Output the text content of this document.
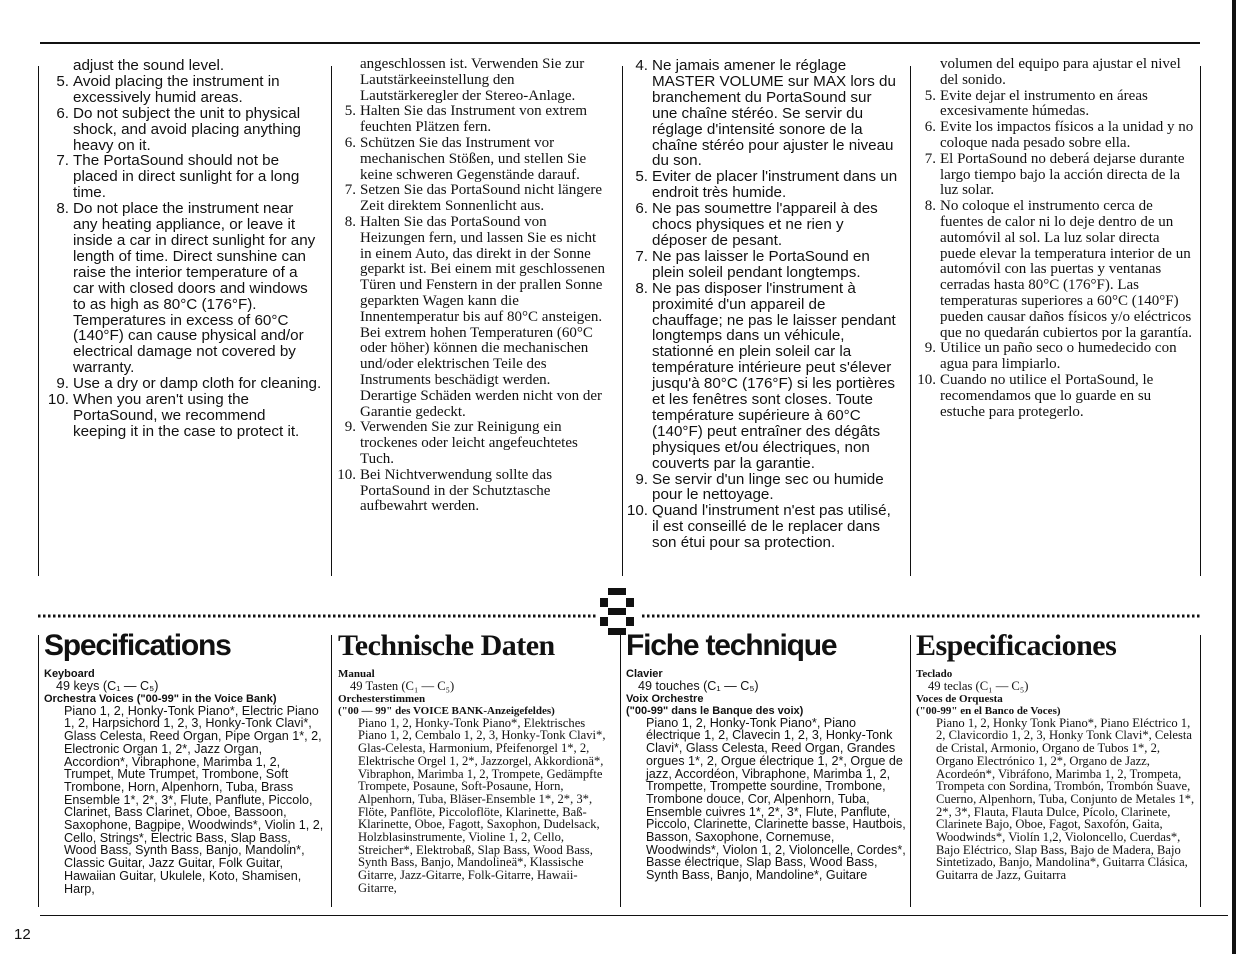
adjust the sound level.
5. Avoid placing the instrument in excessively humid areas.
6. Do not subject the unit to physical shock, and avoid placing anything heavy on it.
7. The PortaSound should not be placed in direct sunlight for a long time.
8. Do not place the instrument near any heating appliance, or leave it inside a car in direct sunlight for any length of time. Direct sunshine can raise the interior temperature of a car with closed doors and windows to as high as 80°C (176°F). Temperatures in excess of 60°C (140°F) can cause physical and/or electrical damage not covered by warranty.
9. Use a dry or damp cloth for cleaning.
10. When you aren't using the PortaSound, we recommend keeping it in the case to protect it.
angeschlossen ist. Verwenden Sie zur Lautstärkeeinstellung den Lautstärkeregler der Stereo-Anlage.
5. Halten Sie das Instrument von extrem feuchten Plätzen fern.
6. Schützen Sie das Instrument vor mechanischen Stößen, und stellen Sie keine schweren Gegenstände darauf.
7. Setzen Sie das PortaSound nicht längere Zeit direktem Sonnenlicht aus.
8. Halten Sie das PortaSound von Heizungen fern, und lassen Sie es nicht in einem Auto, das direkt in der Sonne geparkt ist. Bei einem mit geschlossenen Türen und Fenstern in der prallen Sonne geparkten Wagen kann die Innentemperatur bis auf 80°C ansteigen. Bei extrem hohen Temperaturen (60°C oder höher) können die mechanischen und/oder elektrischen Teile des Instruments beschädigt werden. Derartige Schäden werden nicht von der Garantie gedeckt.
9. Verwenden Sie zur Reinigung ein trockenes oder leicht angefeuchtetes Tuch.
10. Bei Nichtverwendung sollte das PortaSound in der Schutztasche aufbewahrt werden.
4. Ne jamais amener le réglage MASTER VOLUME sur MAX lors du branchement du PortaSound sur une chaîne stéréo. Se servir du réglage d'intensité sonore de la chaîne stéréo pour ajuster le niveau du son.
5. Eviter de placer l'instrument dans un endroit très humide.
6. Ne pas soumettre l'appareil à des chocs physiques et ne rien y déposer de pesant.
7. Ne pas laisser le PortaSound en plein soleil pendant longtemps.
8. Ne pas disposer l'instrument à proximité d'un appareil de chauffage; ne pas le laisser pendant longtemps dans un véhicule, stationné en plein soleil car la température intérieure peut s'élever jusqu'à 80°C (176°F) si les portières et les fenêtres sont closes. Toute température supérieure à 60°C (140°F) peut entraîner des dégâts physiques et/ou électriques, non couverts par la garantie.
9. Se servir d'un linge sec ou humide pour le nettoyage.
10. Quand l'instrument n'est pas utilisé, il est conseillé de le replacer dans son étui pour sa protection.
volumen del equipo para ajustar el nivel del sonido.
5. Evite dejar el instrumento en áreas excesivamente húmedas.
6. Evite los impactos físicos a la unidad y no coloque nada pesado sobre ella.
7. El PortaSound no deberá dejarse durante largo tiempo bajo la acción directa de la luz solar.
8. No coloque el instrumento cerca de fuentes de calor ni lo deje dentro de un automóvil al sol. La luz solar directa puede elevar la temperatura interior de un automóvil con las puertas y ventanas cerradas hasta 80°C (176°F). Las temperaturas superiores a 60°C (140°F) pueden causar daños físicos y/o eléctricos que no quedarán cubiertos por la garantía.
9. Utilice un paño seco o humedecido con agua para limpiarlo.
10. Cuando no utilice el PortaSound, le recomendamos que lo guarde en su estuche para protegerlo.
Specifications
Keyboard
49 keys (C₁ — C₅)
Orchestra Voices ("00-99" in the Voice Bank)
Piano 1, 2, Honky-Tonk Piano*, Electric Piano 1, 2, Harpsichord 1, 2, 3, Honky-Tonk Clavi*, Glass Celesta, Reed Organ, Pipe Organ 1*, 2, Electronic Organ 1, 2*, Jazz Organ, Accordion*, Vibraphone, Marimba 1, 2, Trumpet, Mute Trumpet, Trombone, Soft Trombone, Horn, Alpenhorn, Tuba, Brass Ensemble 1*, 2*, 3*, Flute, Panflute, Piccolo, Clarinet, Bass Clarinet, Oboe, Bassoon, Saxophone, Bagpipe, Woodwinds*, Violin 1, 2, Cello, Strings*, Electric Bass, Slap Bass, Wood Bass, Synth Bass, Banjo, Mandolin*, Classic Guitar, Jazz Guitar, Folk Guitar, Hawaiian Guitar, Ukulele, Koto, Shamisen, Harp,
Technische Daten
Manual
49 Tasten (C₁ — C₅)
Orchesterstimmen
("00 — 99" des VOICE BANK-Anzeigefeldes)
Piano 1, 2, Honky-Tonk Piano*, Elektrisches Piano 1, 2, Cembalo 1, 2, 3, Honky-Tonk Clavi*, Glas-Celesta, Harmonium, Pfeifenorgel 1*, 2, Elektrische Orgel 1, 2*, Jazzorgel, Akkordionä*, Vibraphon, Marimba 1, 2, Trompete, Gedämpfte Trompete, Posaune, Soft-Posaune, Horn, Alpenhorn, Tuba, Bläser-Ensemble 1*, 2*, 3*, Flöte, Panflöte, Piccoloflöte, Klarinette, Baß-Klarinette, Oboe, Fagott, Saxophon, Dudelsack, Holzblasinstrumente, Violine 1, 2, Cello, Streicher*, Elektrobaß, Slap Bass, Wood Bass, Synth Bass, Banjo, Mandolineä*, Klassische Gitarre, Jazz-Gitarre, Folk-Gitarre, Hawaii-Gitarre,
Fiche technique
Clavier
49 touches (C₁ — C₅)
Voix Orchestre
("00-99" dans le Banque des voix)
Piano 1, 2, Honky-Tonk Piano*, Piano électrique 1, 2, Clavecin 1, 2, 3, Honky-Tonk Clavi*, Glass Celesta, Reed Organ, Grandes orgues 1*, 2, Orgue électrique 1, 2*, Orgue de jazz, Accordéon, Vibraphone, Marimba 1, 2, Trompette, Trompette sourdine, Trombone, Trombone douce, Cor, Alpenhorn, Tuba, Ensemble cuivres 1*, 2*, 3*, Flute, Panflute, Piccolo, Clarinette, Clarinette basse, Hautbois, Basson, Saxophone, Cornemuse, Woodwinds*, Violon 1, 2, Violoncelle, Cordes*, Basse électrique, Slap Bass, Wood Bass, Synth Bass, Banjo, Mandoline*, Guitare
Especificaciones
Teclado
49 teclas (C₁ — C₅)
Voces de Orquesta
("00-99" en el Banco de Voces)
Piano 1, 2, Honky Tonk Piano*, Piano Eléctrico 1, 2, Clavicordio 1, 2, 3, Honky Tonk Clavi*, Celesta de Cristal, Armonio, Organo de Tubos 1*, 2, Organo Electrónico 1, 2*, Organo de Jazz, Acordeón*, Vibráfono, Marimba 1, 2, Trompeta, Trompeta con Sordina, Trombón, Trombón Suave, Cuerno, Alpenhorn, Tuba, Conjunto de Metales 1*, 2*, 3*, Flauta, Flauta Dulce, Pícolo, Clarinete, Clarinete Bajo, Oboe, Fagot, Saxofón, Gaita, Woodwinds*, Violín 1,2, Violoncello, Cuerdas*, Bajo Eléctrico, Slap Bass, Bajo de Madera, Bajo Sintetizado, Banjo, Mandolina*, Guitarra Clásica, Guitarra de Jazz, Guitarra
12
